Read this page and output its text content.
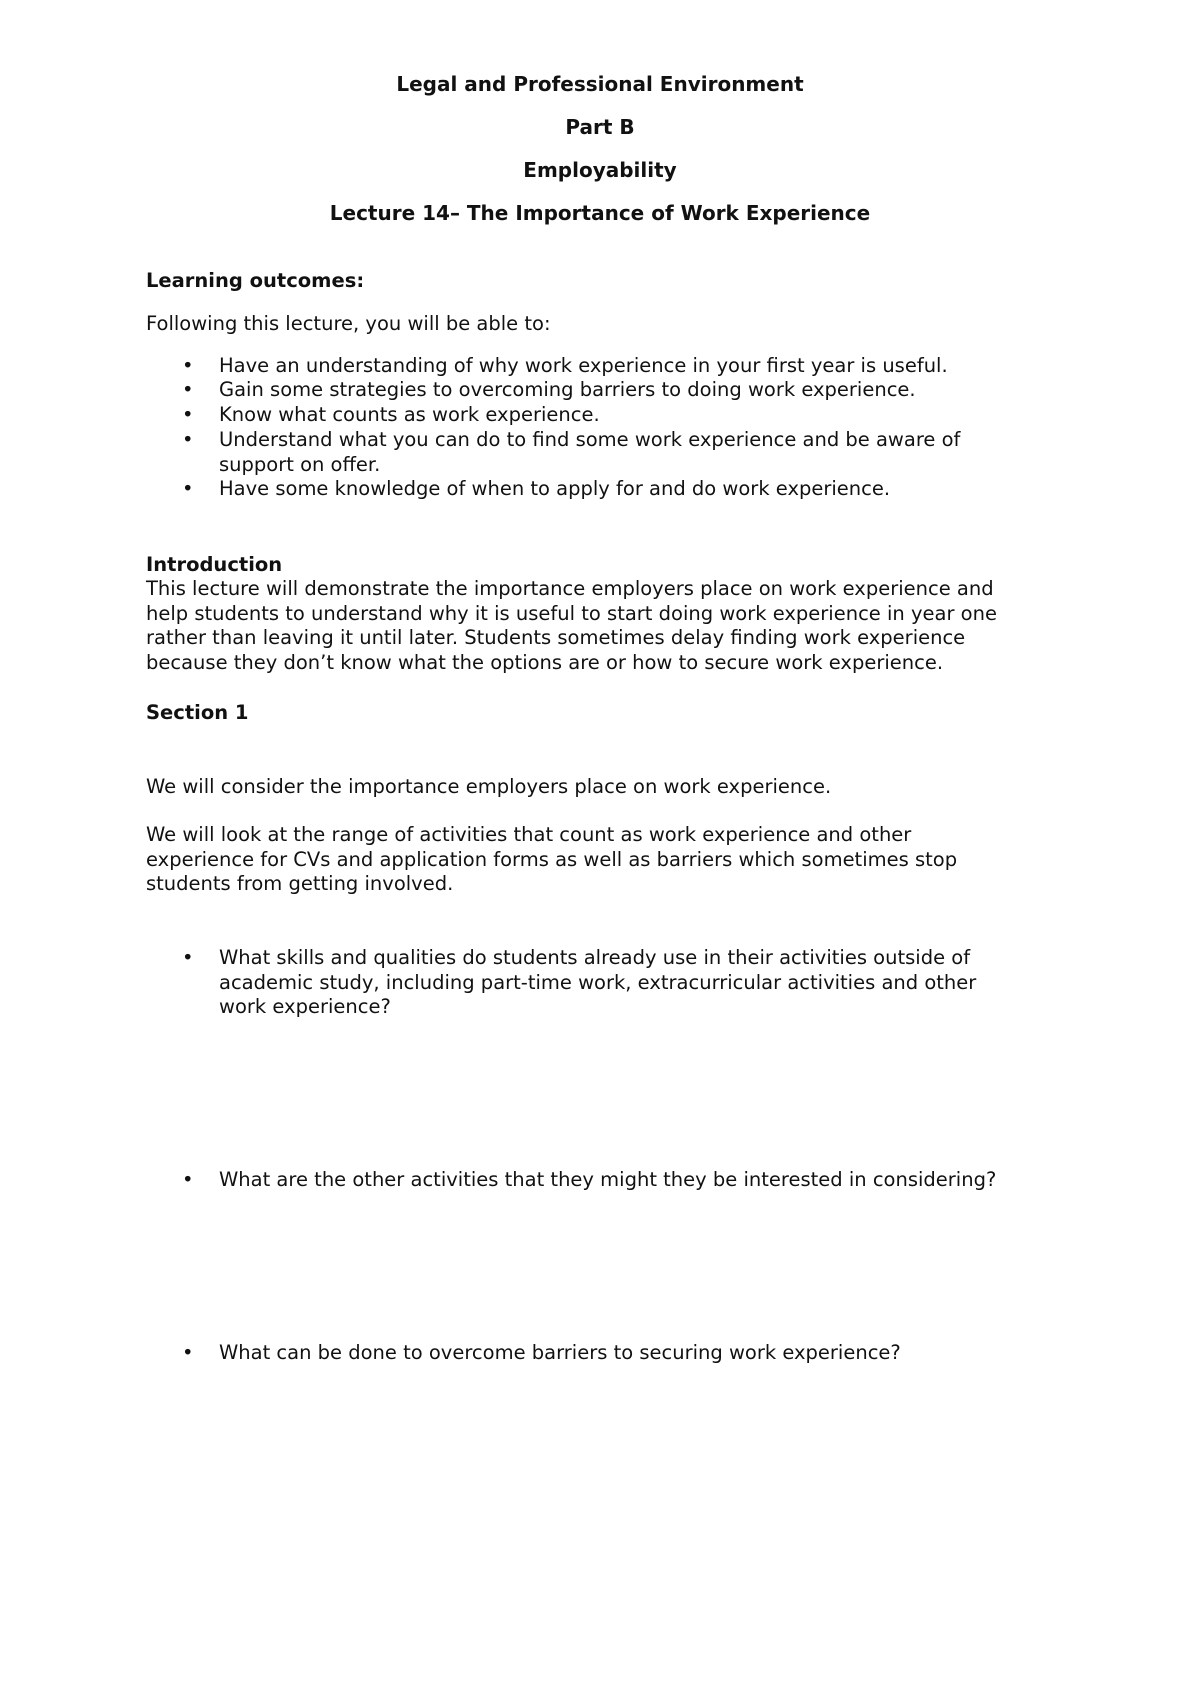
Legal and Professional Environment
Part B
Employability
Lecture 14– The Importance of Work Experience
Learning outcomes:
Following this lecture, you will be able to:
• Have an understanding of why work experience in your first year is useful.
• Gain some strategies to overcoming barriers to doing work experience.
• Know what counts as work experience.
• Understand what you can do to find some work experience and be aware of
support on offer.
• Have some knowledge of when to apply for and do work experience.
Introduction
This lecture will demonstrate the importance employers place on work experience and
help students to understand why it is useful to start doing work experience in year one
rather than leaving it until later. Students sometimes delay finding work experience
because they don’t know what the options are or how to secure work experience.
Section 1
We will consider the importance employers place on work experience.
We will look at the range of activities that count as work experience and other
experience for CVs and application forms as well as barriers which sometimes stop
students from getting involved.
• What skills and qualities do students already use in their activities outside of
academic study, including part-time work, extracurricular activities and other
work experience?
• What are the other activities that they might they be interested in considering?
• What can be done to overcome barriers to securing work experience?
